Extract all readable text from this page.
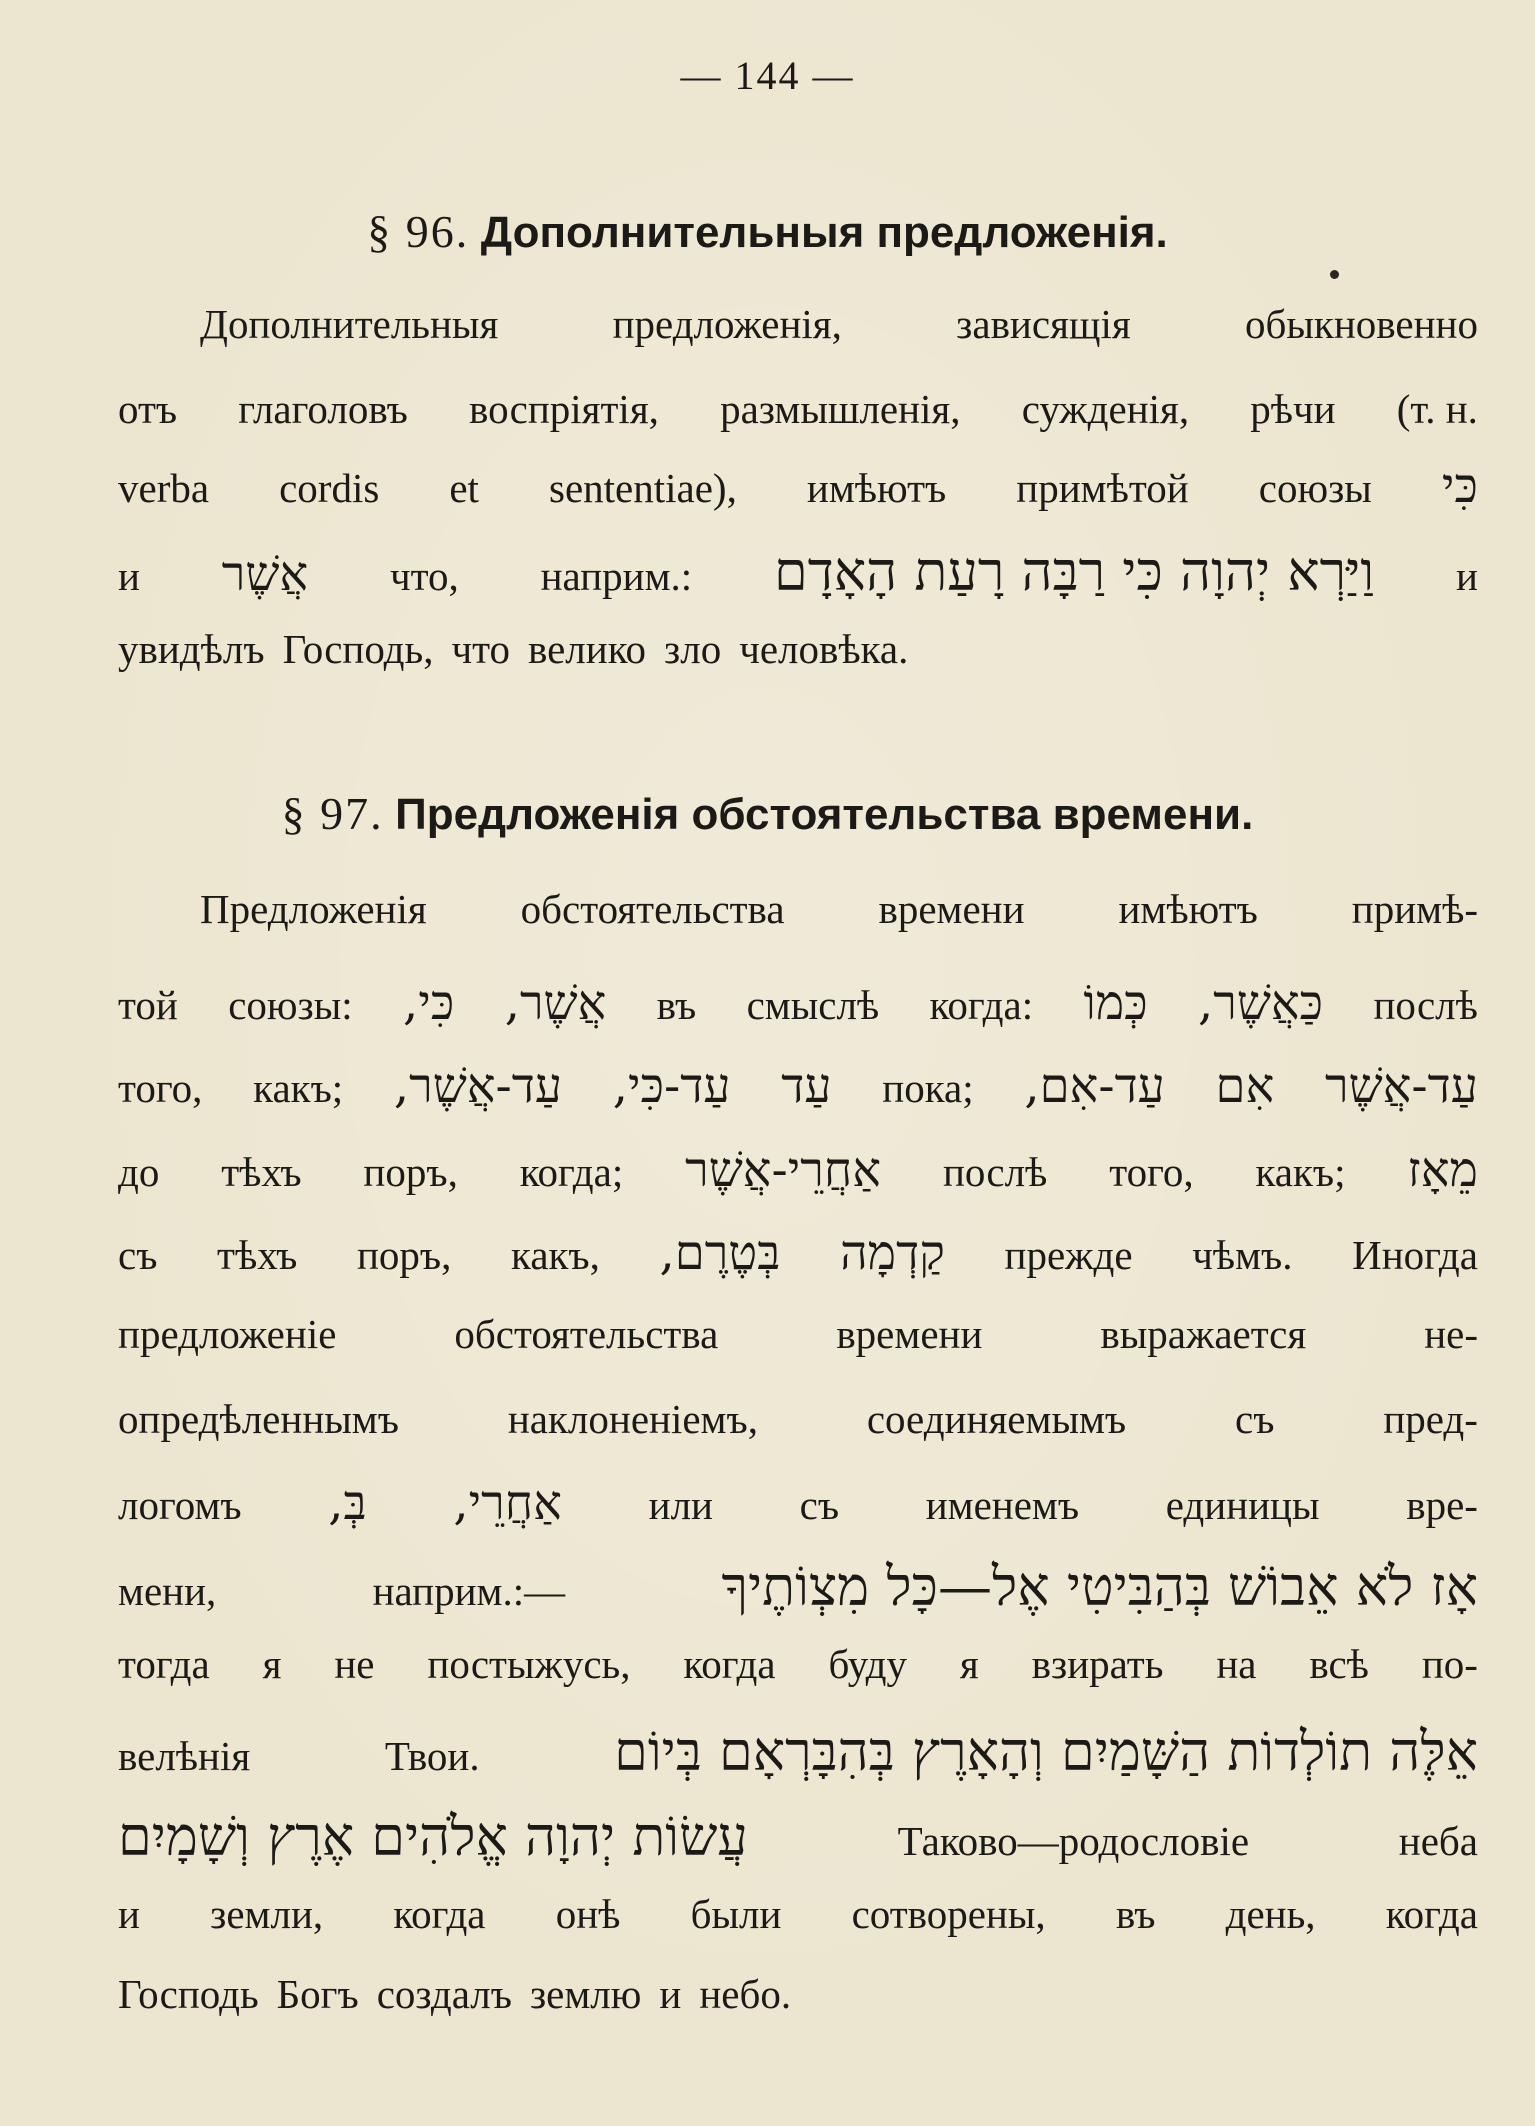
— 144 —
§ 96. Дополнительныя предложенія.
Дополнительныя	предложенія,	зависящія	обыкновенно
отъ глаголовъ воспріятія, размышленія, сужденія, рѣчи (т. н.
verba cordis et sententiae), имѣютъ примѣтой союзы כִּי
и אֲשֶׁר что, наприм.: וַיַּרְא יְהוָה כִּי רַבָּה רָעַת הָאָדָם и
увидѣлъ Господь, что велико зло человѣка.
§ 97. Предложенія обстоятельства времени.
Предложенія обстоятельства времени имѣютъ примѣ-
той союзы: כִּי, אֲשֶׁר, въ смыслѣ когда: כְּמוֹ כַּאֲשֶׁר, послѣ
того, какъ; עַד-אֲשֶׁר, עַד-כִּי, עַד пока; עַד-אִם, אִם עַד-אֲשֶׁר
до тѣхъ поръ, когда; אַחֲרֵי-אֲשֶׁר послѣ того, какъ; מֵאָז
съ тѣхъ поръ, какъ, בְּטֶרֶם, קַדְמָה прежде чѣмъ. Иногда
предложеніе	обстоятельства	времени	выражается	не-
опредѣленнымъ	наклоненіемъ,	соединяемымъ	съ	пред-
логомъ בְּ, אַחֲרֵי, или съ именемъ единицы вре-
мени,	наприм.:—	אָז לֹא אֵבוֹשׁ בְּהַבִּיטִי אֶל—כָּל מִצְוֹתֶיךָ
тогда я не постыжусь, когда буду я взирать на всѣ по-
велѣнія	Твои. אֵלֶּה תוֹלְדוֹת הַשָּׁמַיִם וְהָאָרֶץ בְּהִבָּרְאָם בְּיוֹם
עֲשׂוֹת יְהוָה אֱלֹהִים אֶרֶץ וְשָׁמָיִם	Таково—родословіе	неба
и земли, когда онѣ были сотворены, въ день, когда
Господь Богъ создалъ землю и небо.
